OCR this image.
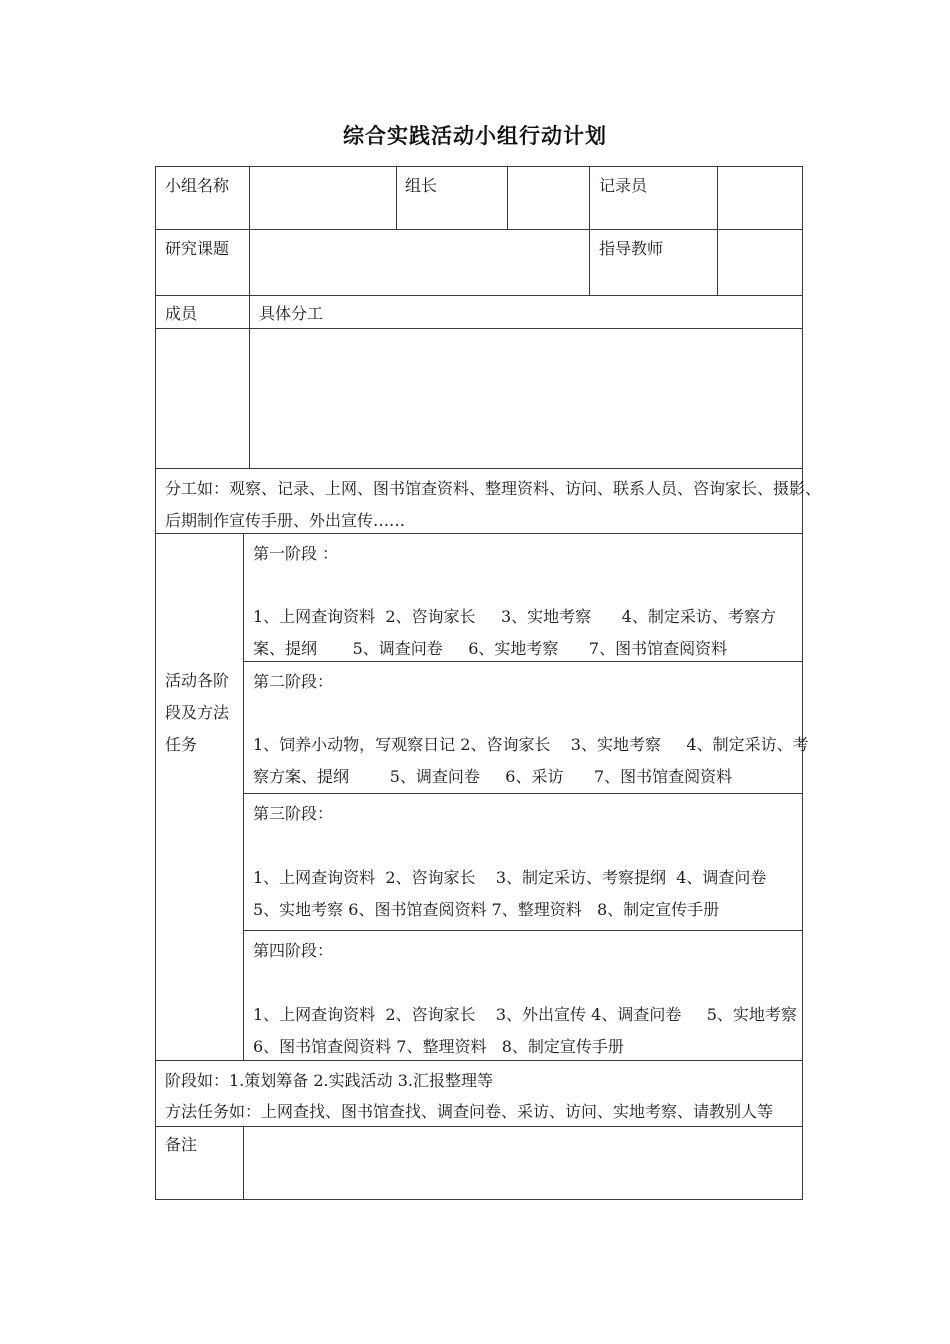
综合实践活动小组行动计划
小组名称	组长	记录员
研究课题	指导教师
成员	具体分工
分工如：观察、记录、上网、图书馆查资料、整理资料、访问、联系人员、咨询家长、摄影、
后期制作宣传手册、外出宣传……
活动各阶
段及方法
任务
第一阶段 ：
1、上网查询资料  2、咨询家长     3、实地考察      4、制定采访、考察方
案、提纲       5、调查问卷     6、实地考察      7、图书馆查阅资料
第二阶段：
1、饲养小动物，写观察日记 2、咨询家长    3、实地考察     4、制定采访、考
察方案、提纲        5、调查问卷     6、采访      7、图书馆查阅资料
第三阶段：
1、上网查询资料  2、咨询家长    3、制定采访、考察提纲  4、调查问卷
5、实地考察 6、图书馆查阅资料 7、整理资料   8、制定宣传手册
第四阶段：
1、上网查询资料  2、咨询家长    3、外出宣传 4、调查问卷     5、实地考察
6、图书馆查阅资料 7、整理资料   8、制定宣传手册
阶段如：1.策划筹备 2.实践活动 3.汇报整理等
方法任务如：上网查找、图书馆查找、调查问卷、采访、访问、实地考察、请教别人等
备注
